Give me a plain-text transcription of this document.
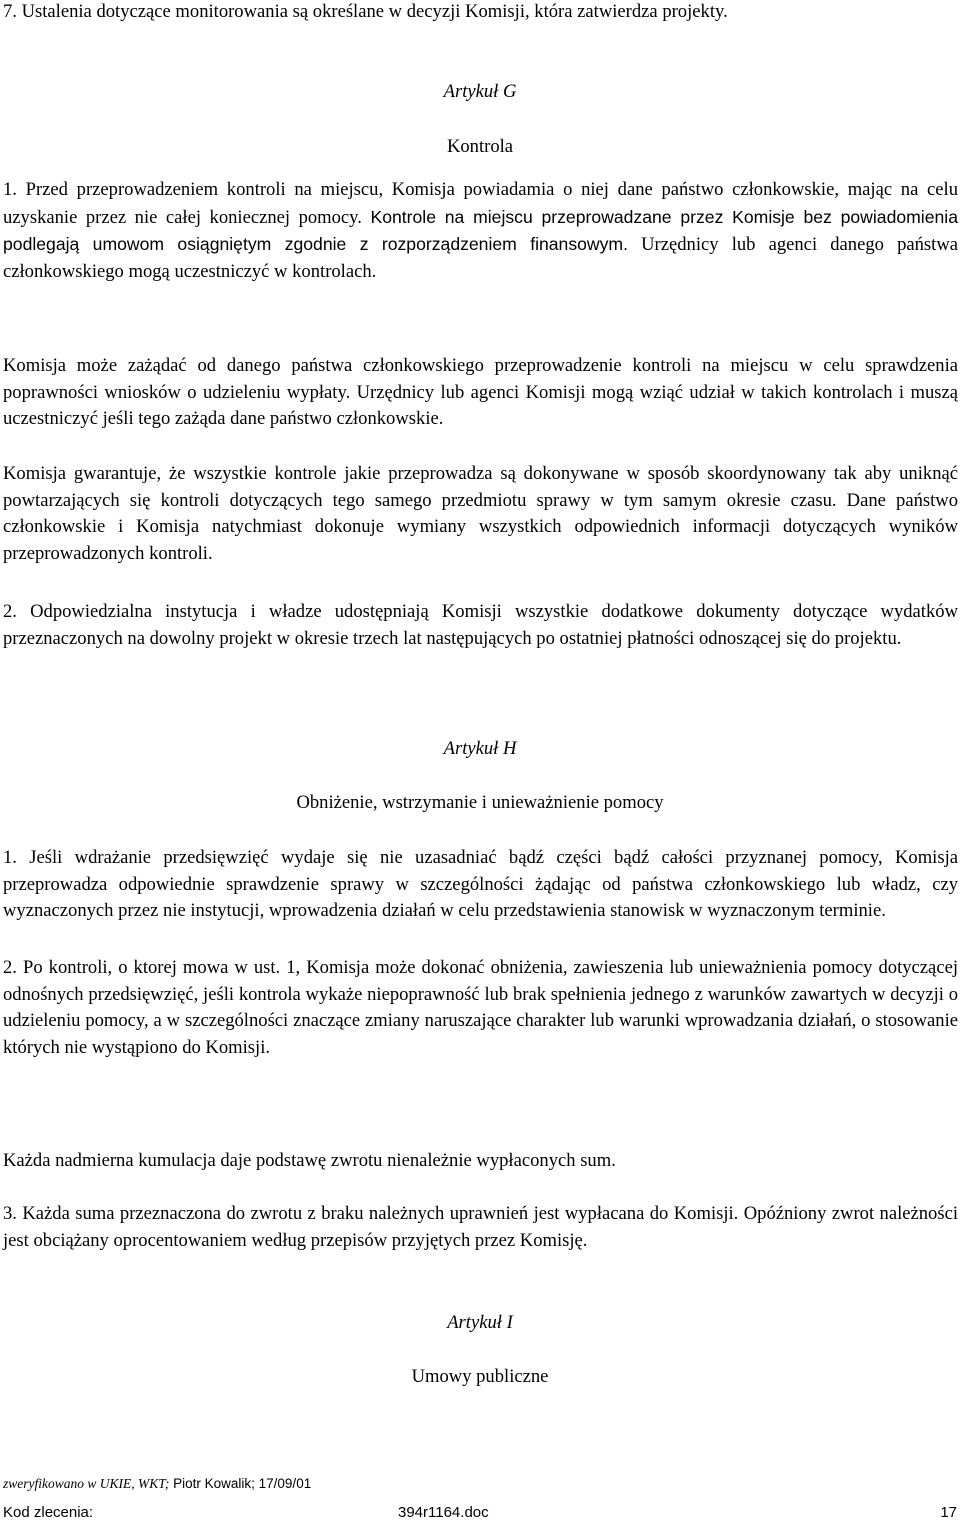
7. Ustalenia dotyczące monitorowania są określane w decyzji Komisji, która zatwierdza projekty.
Artykuł G
Kontrola

1. Przed przeprowadzeniem kontroli na miejscu, Komisja powiadamia o niej dane państwo członkowskie, mając na celu uzyskanie przez nie całej koniecznej pomocy. Kontrole na miejscu przeprowadzane przez Komisje bez powiadomienia podlegają umowom osiągniętym zgodnie z rozporządzeniem finansowym. Urzędnicy lub agenci danego państwa członkowskiego mogą uczestniczyć w kontrolach.

Komisja może zażądać od danego państwa członkowskiego przeprowadzenie kontroli na miejscu w celu sprawdzenia poprawności wniosków o udzieleniu wypłaty. Urzędnicy lub agenci Komisji mogą wziąć udział w takich kontrolach i muszą uczestniczyć jeśli tego zażąda dane państwo członkowskie.

Komisja gwarantuje, że wszystkie kontrole jakie przeprowadza są dokonywane w sposób skoordynowany tak aby uniknąć powtarzających się kontroli dotyczących tego samego przedmiotu sprawy w tym samym okresie czasu. Dane państwo członkowskie i Komisja natychmiast dokonuje wymiany wszystkich odpowiednich informacji dotyczących wyników przeprowadzonych kontroli.

2. Odpowiedzialna instytucja i władze udostępniają Komisji wszystkie dodatkowe dokumenty dotyczące wydatków przeznaczonych na dowolny projekt w okresie trzech lat następujących po ostatniej płatności odnoszącej się do projektu.

Artykuł H
Obniżenie, wstrzymanie i unieważnienie pomocy

1. Jeśli wdrażanie przedsięwzięć wydaje się nie uzasadniać bądź części bądź całości przyznanej pomocy, Komisja przeprowadza odpowiednie sprawdzenie sprawy w szczególności żądając od państwa członkowskiego lub władz, czy wyznaczonych przez nie instytucji, wprowadzenia działań w celu przedstawienia stanowisk w wyznaczonym terminie.

2. Po kontroli, o ktorej mowa w ust. 1, Komisja może dokonać obniżenia, zawieszenia lub unieważnienia pomocy dotyczącej odnośnych przedsięwzięć, jeśli kontrola wykaże niepoprawność lub brak spełnienia jednego z warunków zawartych w decyzji o udzieleniu pomocy, a w szczególności znaczące zmiany naruszające charakter lub warunki wprowadzania działań, o stosowanie których nie wystąpiono do Komisji.

Każda nadmierna kumulacja daje podstawę zwrotu nienależnie wypłaconych sum.

3. Każda suma przeznaczona do zwrotu z braku należnych uprawnień jest wypłacana do Komisji. Opóźniony zwrot należności jest obciążany oprocentowaniem według przepisów przyjętych przez Komisję.

Artykuł I
Umowy publiczne
zweryfikowano w UKIE, WKT; Piotr Kowalik; 17/09/01
Kod zlecenia:	394r1164.doc	17
